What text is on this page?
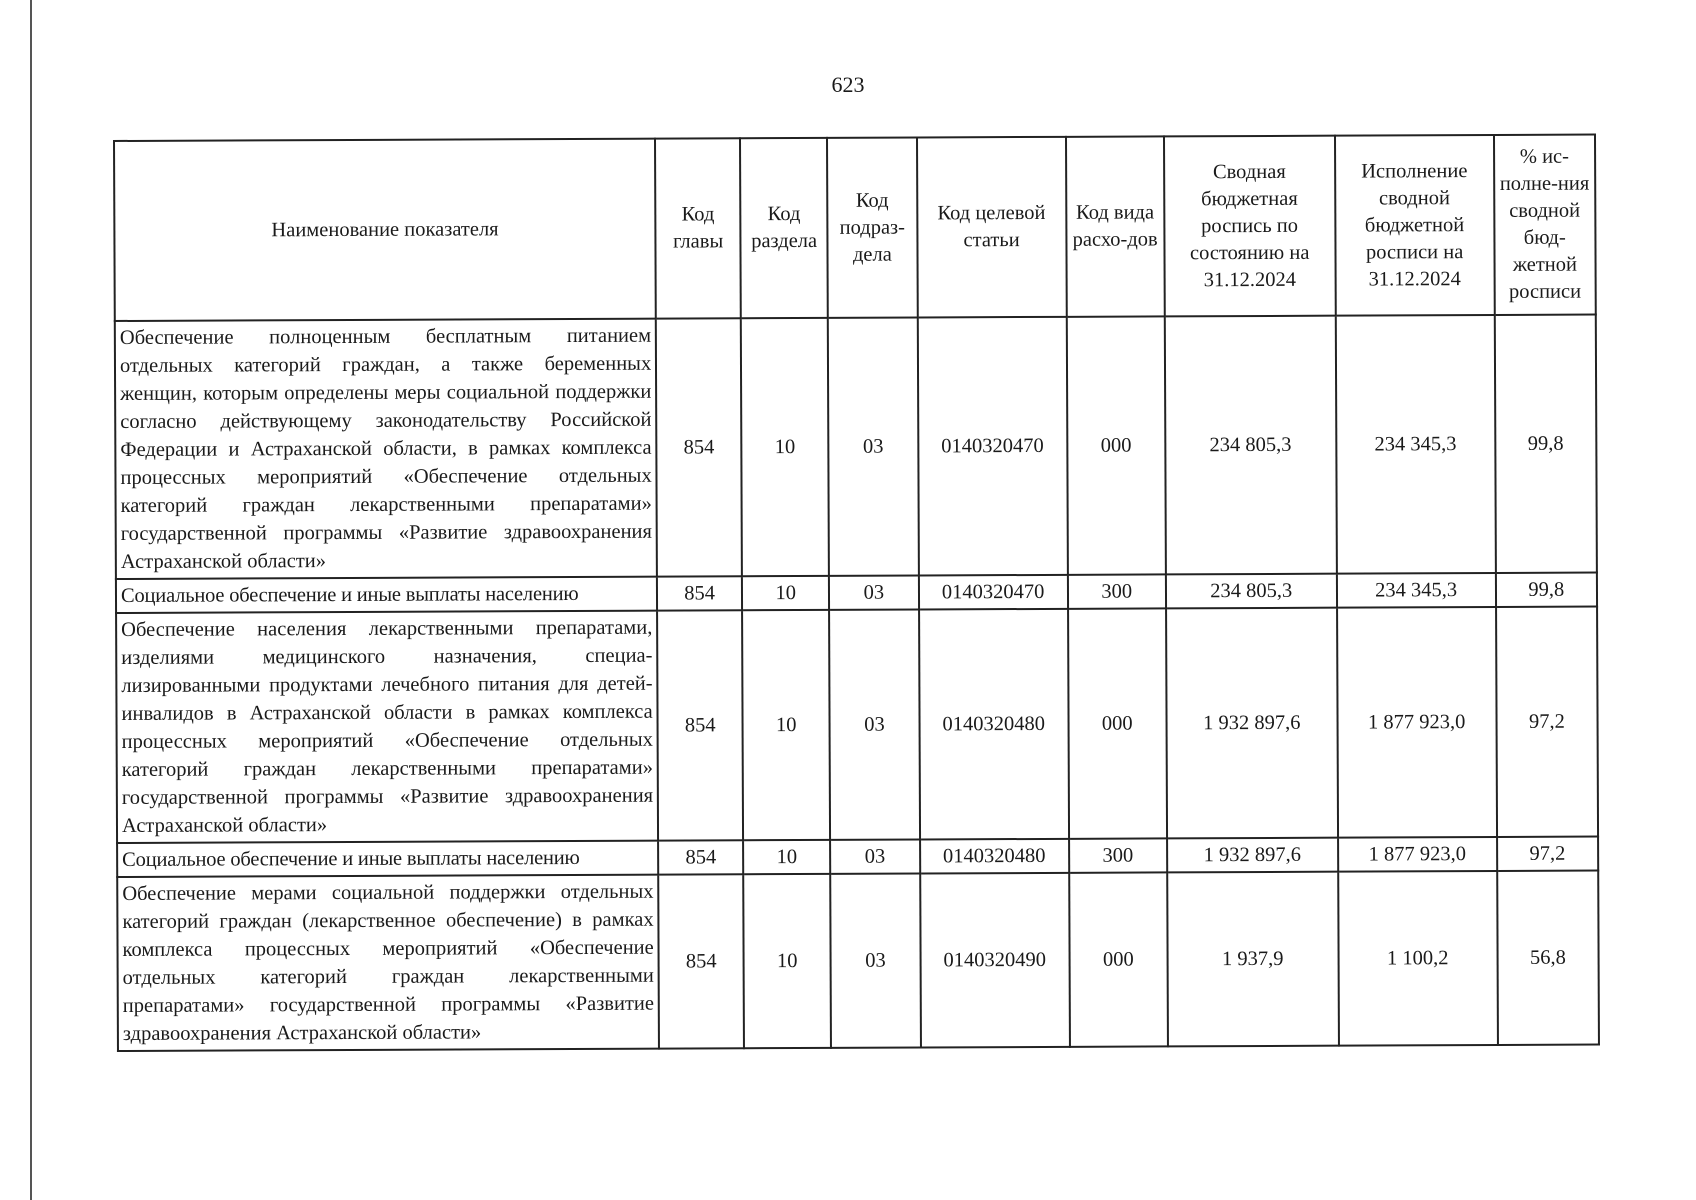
623
Наименование показателя	Код главы	Код раздела	Код подраз-дела	Код целевой статьи	Код вида расхо-дов	Сводная бюджетная роспись по состоянию на 31.12.2024	Исполнение сводной бюджетной росписи на 31.12.2024	% ис-полне-ния сводной бюд-жетной росписи
Обеспечение полноценным бесплатным питанием отдельных категорий граждан, а также беременных женщин, которым определены меры социальной поддержки согласно действующему законодательству Российской Федерации и Астраханской области, в рамках комплекса процессных мероприятий «Обеспечение отдельных категорий граждан лекарственными препаратами» государственной программы «Развитие здравоохранения Астраханской области»	854	10	03	0140320470	000	234 805,3	234 345,3	99,8
Социальное обеспечение и иные выплаты населению	854	10	03	0140320470	300	234 805,3	234 345,3	99,8
Обеспечение населения лекарственными препаратами, изделиями медицинского назначения, специализированными продуктами лечебного питания для детей-инвалидов в Астраханской области в рамках комплекса процессных мероприятий «Обеспечение отдельных категорий граждан лекарственными препаратами» государственной программы «Развитие здравоохранения Астраханской области»	854	10	03	0140320480	000	1 932 897,6	1 877 923,0	97,2
Социальное обеспечение и иные выплаты населению	854	10	03	0140320480	300	1 932 897,6	1 877 923,0	97,2
Обеспечение мерами социальной поддержки отдельных категорий граждан (лекарственное обеспечение) в рамках комплекса процессных мероприятий «Обеспечение отдельных категорий граждан лекарственными препаратами» государственной программы «Развитие здравоохранения Астраханской области»	854	10	03	0140320490	000	1 937,9	1 100,2	56,8
